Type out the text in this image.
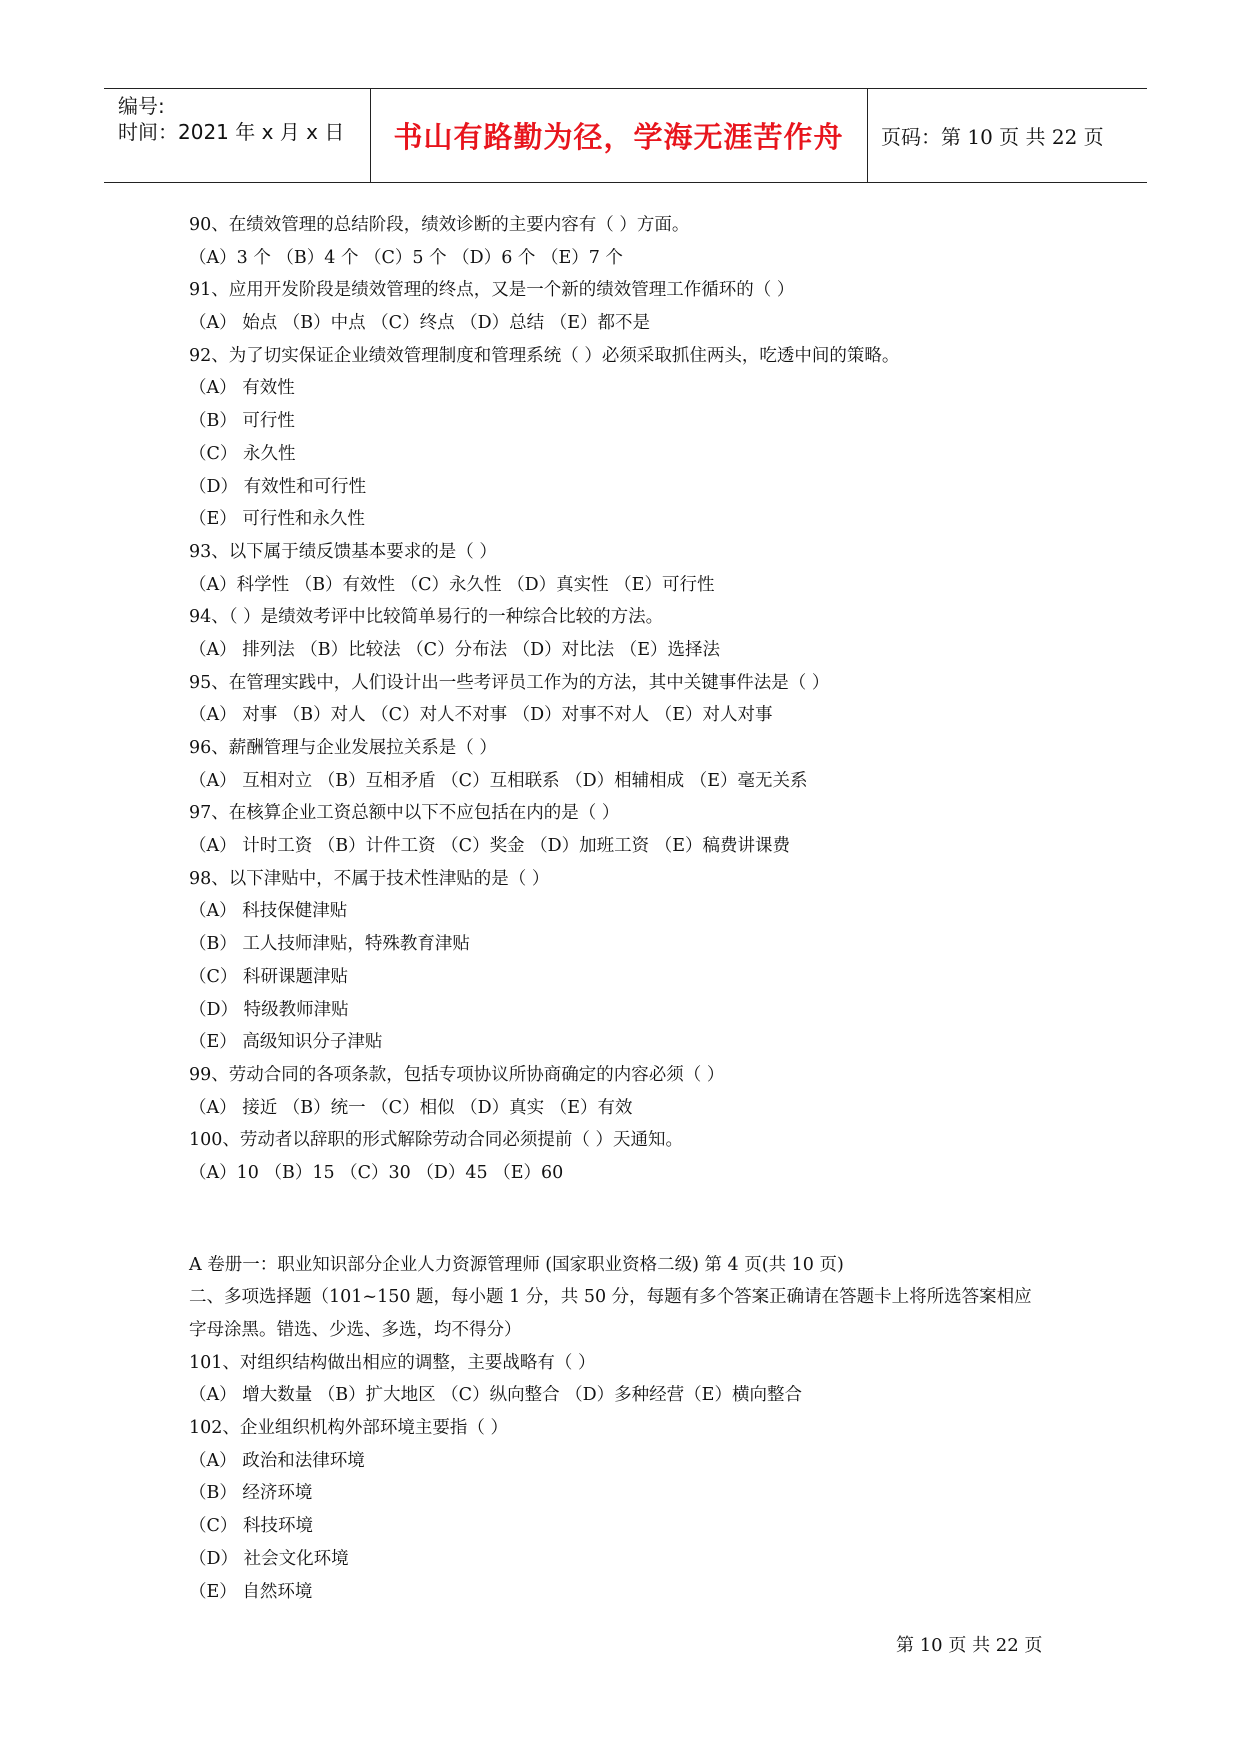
编号:
时间：2021 年 x 月 x 日 书山有路勤为径，学海无涯苦作舟 页码：第 10 页 共 22 页
90、在绩效管理的总结阶段，绩效诊断的主要内容有（ ）方面。
（A）3 个 （B）4 个 （C）5 个 （D）6 个 （E）7 个
91、应用开发阶段是绩效管理的终点，又是一个新的绩效管理工作循环的（ ）
（A） 始点 （B）中点 （C）终点 （D）总结 （E）都不是
92、为了切实保证企业绩效管理制度和管理系统（ ）必须采取抓住两头，吃透中间的策略。
（A） 有效性
（B） 可行性
（C） 永久性
（D） 有效性和可行性
（E） 可行性和永久性
93、以下属于绩反馈基本要求的是（ ）
（A）科学性 （B）有效性 （C）永久性 （D）真实性 （E）可行性
94、（ ）是绩效考评中比较简单易行的一种综合比较的方法。
（A） 排列法 （B）比较法 （C）分布法 （D）对比法 （E）选择法
95、在管理实践中，人们设计出一些考评员工作为的方法，其中关键事件法是（ ）
（A） 对事 （B）对人 （C）对人不对事 （D）对事不对人 （E）对人对事
96、薪酬管理与企业发展拉关系是（ ）
（A） 互相对立 （B）互相矛盾 （C）互相联系 （D）相辅相成 （E）毫无关系
97、在核算企业工资总额中以下不应包括在内的是（ ）
（A） 计时工资 （B）计件工资 （C）奖金 （D）加班工资 （E）稿费讲课费
98、以下津贴中，不属于技术性津贴的是（ ）
（A） 科技保健津贴
（B） 工人技师津贴，特殊教育津贴
（C） 科研课题津贴
（D） 特级教师津贴
（E） 高级知识分子津贴
99、劳动合同的各项条款，包括专项协议所协商确定的内容必须（ ）
（A） 接近 （B）统一 （C）相似 （D）真实 （E）有效
100、劳动者以辞职的形式解除劳动合同必须提前（ ）天通知。
（A）10 （B）15 （C）30 （D）45 （E）60
A 卷册一：职业知识部分企业人力资源管理师 (国家职业资格二级) 第 4 页(共 10 页)
二、多项选择题（101~150 题，每小题 1 分，共 50 分，每题有多个答案正确请在答题卡上将所选答案相应
字母涂黑。错选、少选、多选，均不得分）
101、对组织结构做出相应的调整，主要战略有（ ）
（A） 增大数量 （B）扩大地区 （C）纵向整合 （D）多种经营（E）横向整合
102、企业组织机构外部环境主要指（ ）
（A） 政治和法律环境
（B） 经济环境
（C） 科技环境
（D） 社会文化环境
（E） 自然环境
第 10 页 共 22 页
